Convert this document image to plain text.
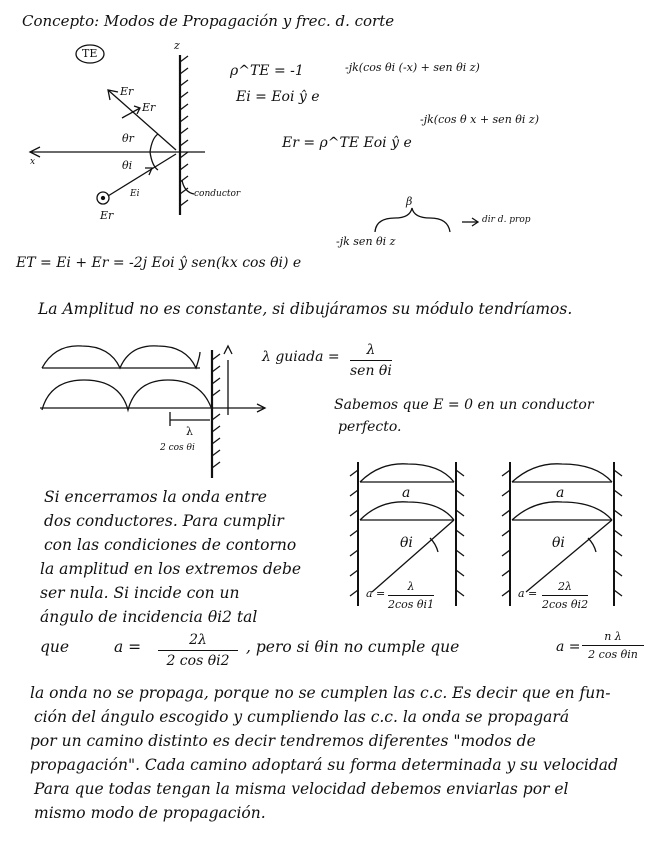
Concepto: Modos de Propagación y frec. d. corte
TE
z
x
Er
Er
θr
θi
Ei
Er
conductor
ρ^TE = -1	-jk(cos θi (-x) + sen θi z)
Ei = Eoi ŷ e
-jk(cos θ x + sen θi z)
Er = ρ^TE Eoi ŷ e
β
dir d. prop
-jk sen θi z
ET = Ei + Er = -2j Eoi ŷ sen(kx cos θi) e
La Amplitud no es constante, si dibujáramos su módulo tendríamos.
λ
2 cos θi
λ guiada =	λ
sen θi
Sabemos que E = 0 en un conductor
perfecto.
a
θi
$a = \frac{\lambda}{\text{2cos θi1}}$
a
θi
$a = \frac{2\lambda}{\text{2cos θi2}}$
Si encerramos la onda entre
dos conductores. Para cumplir
con las condiciones de contorno
la amplitud en los extremos debe
ser nula. Si incide con un
ángulo de incidencia θi2 tal
que	$a = \frac{2\lambda}{\text{2 cos θi2}}$ , pero si θin no cumple que	a =
n λ
2 cos θin
la onda no se propaga, porque no se cumplen las c.c. Es decir que en fun-
ción del ángulo escogido y cumpliendo las c.c. la onda se propagará
por un camino distinto es decir tendremos diferentes "modos de
propagación". Cada camino adoptará su forma determinada y su velocidad
Para que todas tengan la misma velocidad debemos enviarlas por el
mismo modo de propagación.
